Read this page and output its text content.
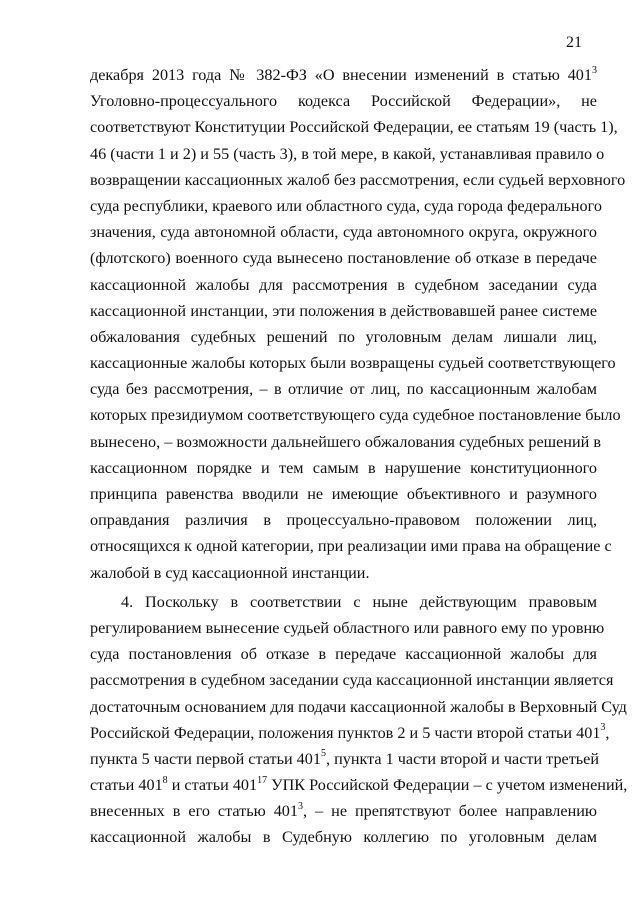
21
декабря 2013 года № 382-ФЗ «О внесении изменений в статью $401^3$
Уголовно-процессуального кодекса Российской Федерации», не
соответствуют Конституции Российской Федерации, ее статьям 19 (часть 1),
46 (части 1 и 2) и 55 (часть 3), в той мере, в какой, устанавливая правило о
возвращении кассационных жалоб без рассмотрения, если судьей верховного
суда республики, краевого или областного суда, суда города федерального
значения, суда автономной области, суда автономного округа, окружного
(флотского) военного суда вынесено постановление об отказе в передаче
кассационной жалобы для рассмотрения в судебном заседании суда
кассационной инстанции, эти положения в действовавшей ранее системе
обжалования судебных решений по уголовным делам лишали лиц,
кассационные жалобы которых были возвращены судьей соответствующего
суда без рассмотрения, – в отличие от лиц, по кассационным жалобам
которых президиумом соответствующего суда судебное постановление было
вынесено, – возможности дальнейшего обжалования судебных решений в
кассационном порядке и тем самым в нарушение конституционного
принципа равенства вводили не имеющие объективного и разумного
оправдания различия в процессуально-правовом положении лиц,
относящихся к одной категории, при реализации ими права на обращение с
жалобой в суд кассационной инстанции.
4. Поскольку в соответствии с ныне действующим правовым
регулированием вынесение судьей областного или равного ему по уровню
суда постановления об отказе в передаче кассационной жалобы для
рассмотрения в судебном заседании суда кассационной инстанции является
достаточным основанием для подачи кассационной жалобы в Верховный Суд
Российской Федерации, положения пунктов 2 и 5 части второй статьи $401^3$,
пункта 5 части первой статьи $401^5$, пункта 1 части второй и части третьей
статьи $401^8$ и статьи $401^{17}$ УПК Российской Федерации – с учетом изменений,
внесенных в его статью $401^3$, – не препятствуют более направлению
кассационной жалобы в Судебную коллегию по уголовным делам
